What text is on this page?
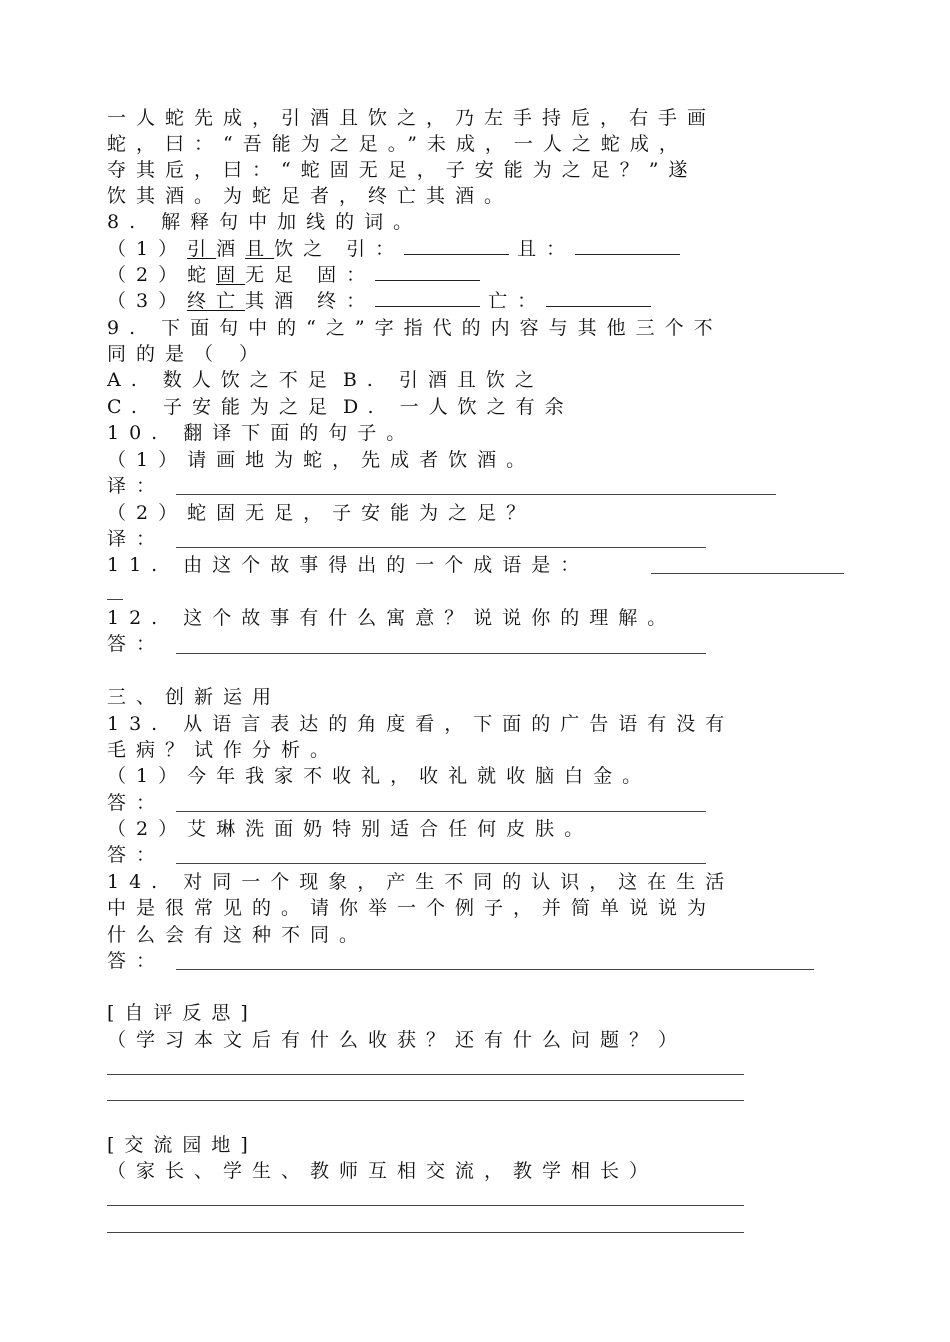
一人蛇先成，引酒且饮之，乃左手持卮，右手画
蛇，曰：“吾能为之足。”未成，一人之蛇成，
夺其卮，曰：“蛇固无足，子安能为之足？”遂
饮其酒。为蛇足者，终亡其酒。
8. 解释句中加线的词。
（1）引酒且饮之 引：	且：
（2）蛇固无足 固：
（3）终亡其酒 终：	亡：
9. 下面句中的“之”字指代的内容与其他三个不
同的是（ ）
A. 数人饮之不足 B. 引酒且饮之
C. 子安能为之足 D. 一人饮之有余
10. 翻译下面的句子。
（1）请画地为蛇，先成者饮酒。
译：
（2）蛇固无足，子安能为之足？
译：
11. 由这个故事得出的一个成语是：
12. 这个故事有什么寓意？说说你的理解。
答：
三、创新运用
13. 从语言表达的角度看，下面的广告语有没有
毛病？试作分析。
（1）今年我家不收礼，收礼就收脑白金。
答：
（2）艾琳洗面奶特别适合任何皮肤。
答：
14. 对同一个现象，产生不同的认识，这在生活
中是很常见的。请你举一个例子，并简单说说为
什么会有这种不同。
答：
[自评反思]
（学习本文后有什么收获？还有什么问题？）
[交流园地]
（家长、学生、教师互相交流，教学相长）
